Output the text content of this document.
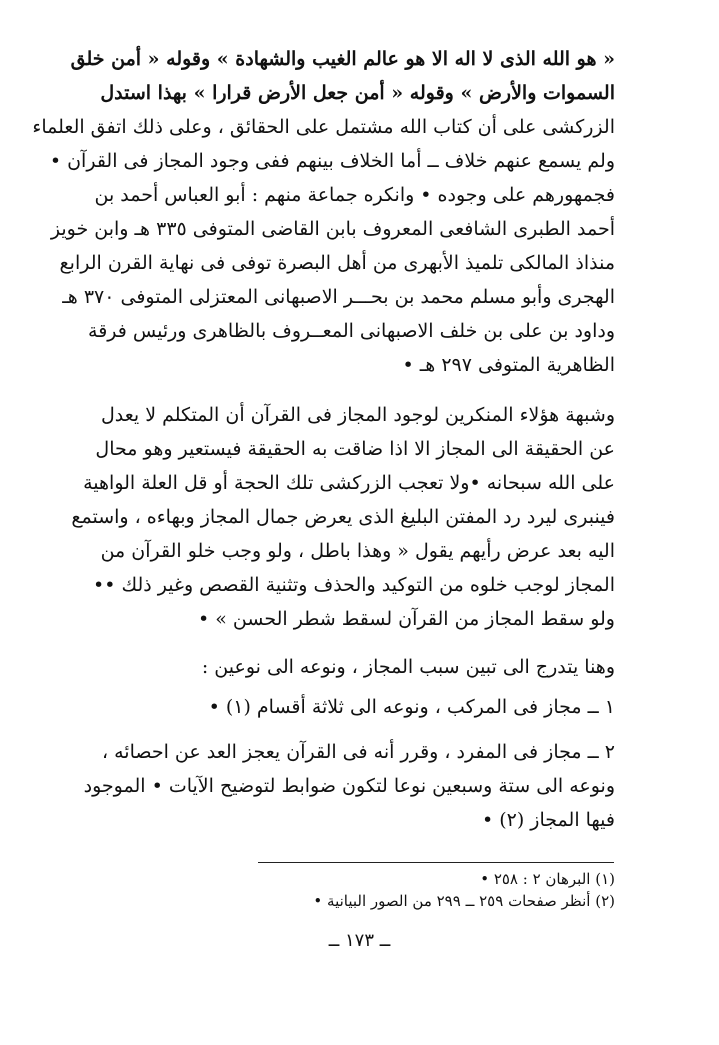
« هو الله الذى لا اله الا هو عالم الغيب والشهادة » وقوله « أمن خلق
السموات والأرض » وقوله « أمن جعل الأرض قرارا » بهذا استدل
الزركشى على أن كتاب الله مشتمل على الحقائق ، وعلى ذلك اتفق العلماء
ولم يسمع عنهم خلاف ــ أما الخلاف بينهم ففى وجود المجاز فى القرآن •
فجمهورهم على وجوده • وانكره جماعة منهم : أبو العباس أحمد بن
أحمد الطبرى الشافعى المعروف بابن القاضى المتوفى ٣٣٥ هـ وابن خويز
منذاذ المالكى تلميذ الأبهرى من أهل البصرة توفى فى نهاية القرن الرابع
الهجرى وأبو مسلم محمد بن بحـــر الاصبهانى المعتزلى المتوفى ٣٧٠ هـ
وداود بن على بن خلف الاصبهانى المعــروف بالظاهرى ورئيس فرقة
الظاهرية المتوفى ٢٩٧ هـ •
وشبهة هؤلاء المنكرين لوجود المجاز فى القرآن أن المتكلم لا يعدل
عن الحقيقة الى المجاز الا اذا ضاقت به الحقيقة فيستعير وهو محال
على الله سبحانه •ولا تعجب الزركشى تلك الحجة أو قل العلة الواهية
فينبرى ليرد رد المفتن البليغ الذى يعرض جمال المجاز وبهاءه ، واستمع
اليه بعد عرض رأيهم يقول « وهذا باطل ، ولو وجب خلو القرآن من
المجاز لوجب خلوه من التوكيد والحذف وتثنية القصص وغير ذلك ••
ولو سقط المجاز من القرآن لسقط شطر الحسن » •
وهنا يتدرج الى تبين سبب المجاز ، ونوعه الى نوعين :
١ ــ مجاز فى المركب ، ونوعه الى ثلاثة أقسام (١) •
٢ ــ مجاز فى المفرد ، وقرر أنه فى القرآن يعجز العد عن احصائه ،
ونوعه الى ستة وسبعين نوعا لتكون ضوابط لتوضيح الآيات • الموجود
فيها المجاز (٢) •
(١) البرهان ٢ : ٢٥٨ •
(٢) أنظر صفحات ٢٥٩ ــ ٢٩٩ من الصور البيانية •
ــ ١٧٣ ــ
